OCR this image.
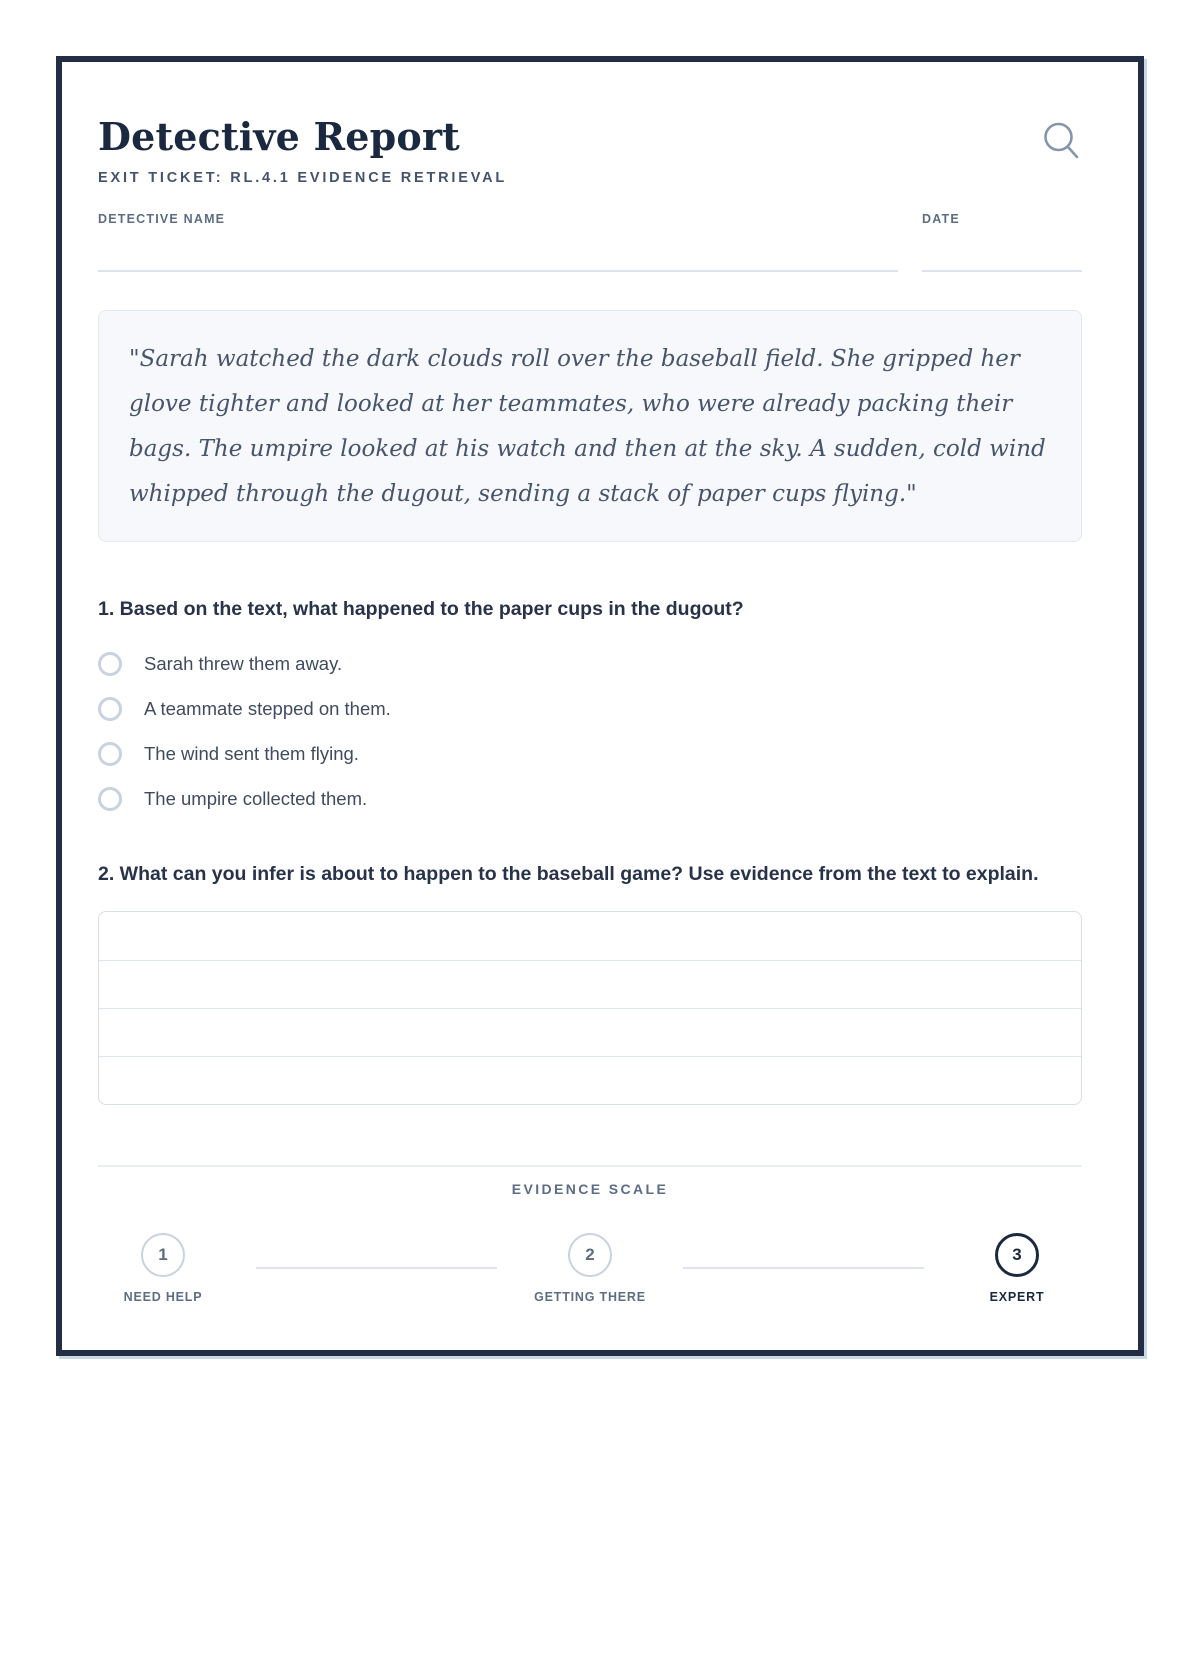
Detective Report
EXIT TICKET: RL.4.1 EVIDENCE RETRIEVAL
DETECTIVE NAME	DATE

"Sarah watched the dark clouds roll over the baseball field. She gripped her glove tighter and looked at her teammates, who were already packing their bags. The umpire looked at his watch and then at the sky. A sudden, cold wind whipped through the dugout, sending a stack of paper cups flying."

1. Based on the text, what happened to the paper cups in the dugout?
Sarah threw them away.
A teammate stepped on them.
The wind sent them flying.
The umpire collected them.
2. What can you infer is about to happen to the baseball game? Use evidence from the text to explain.
EVIDENCE SCALE
1
NEED HELP
2
GETTING THERE
3
EXPERT
